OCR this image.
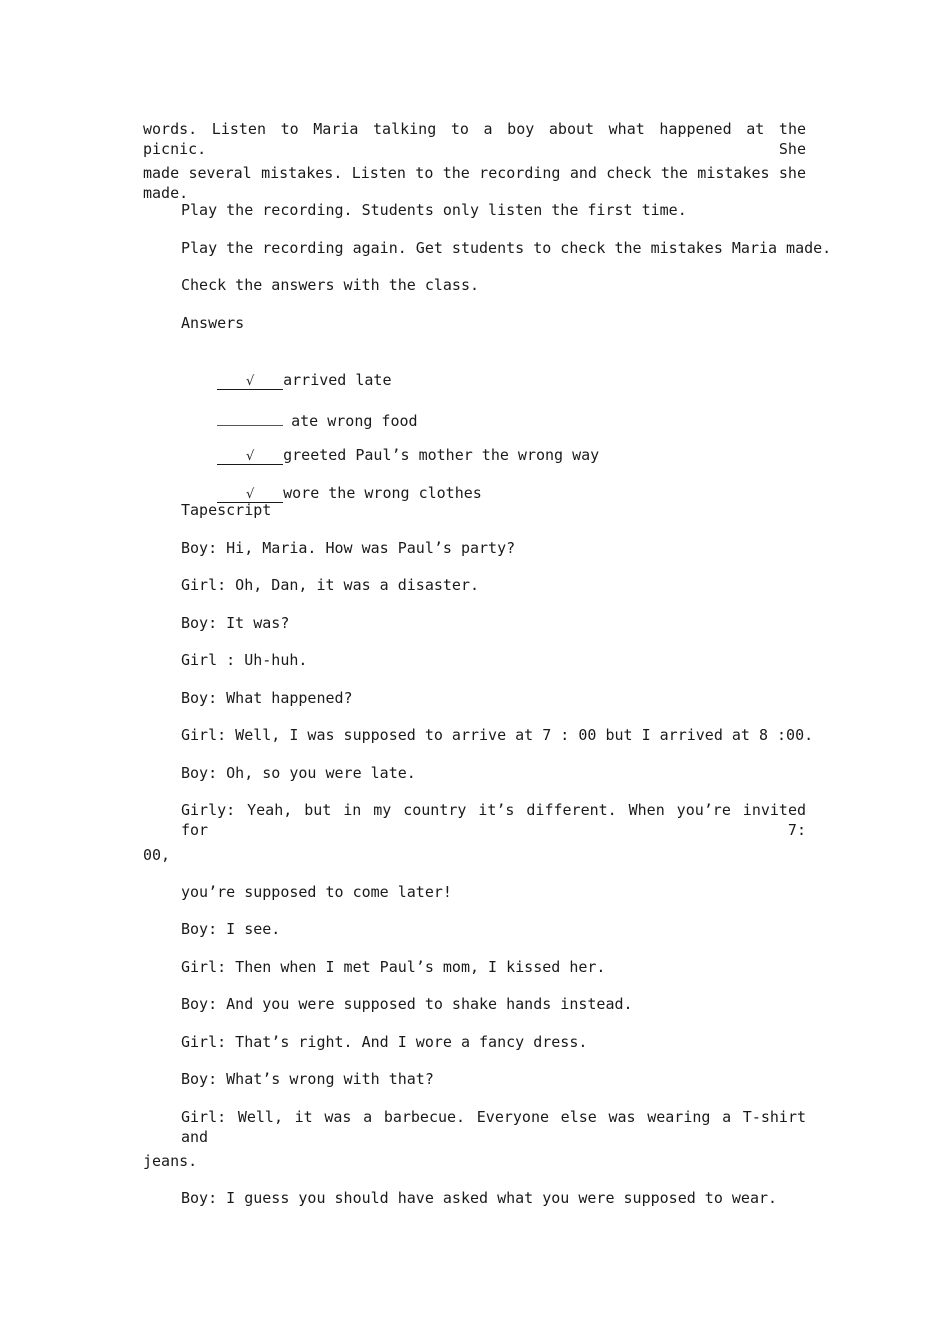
words. Listen to Maria talking to a boy about what happened at the picnic. She
made several mistakes. Listen to the recording and check the mistakes she made.
Play the recording. Students only listen the first time.
Play the recording again. Get students to check the mistakes Maria made.
Check the answers with the class.
Answers

√ arrived late

ate wrong food

√ greeted Paul’s mother the wrong way

√ wore the wrong clothes

Tapescript
Boy: Hi, Maria. How was Paul’s party?
Girl: Oh, Dan, it was a disaster.
Boy: It was?
Girl : Uh-huh.
Boy: What happened?
Girl: Well, I was supposed to arrive at 7 : 00 but I arrived at 8 :00.
Boy: Oh, so you were late.
Girly: Yeah, but in my country it’s different. When you’re invited for 7:
00,
you’re supposed to come later!
Boy: I see.
Girl: Then when I met Paul’s mom, I kissed her.
Boy: And you were supposed to shake hands instead.
Girl: That’s right. And I wore a fancy dress.
Boy: What’s wrong with that?
Girl: Well, it was a barbecue. Everyone else was wearing a T-shirt and
jeans.
Boy: I guess you should have asked what you were supposed to wear.
